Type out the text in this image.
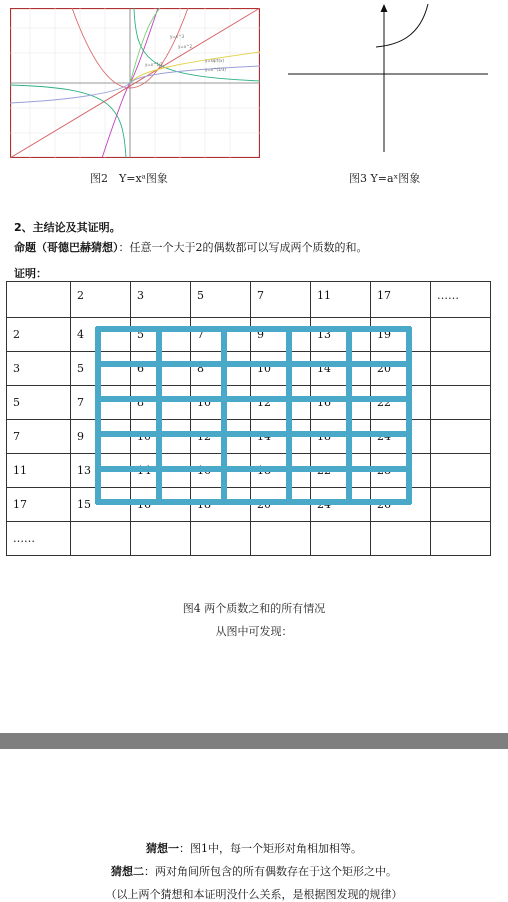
y=x^3
y=x^2
y=x^1/2
y=sqrt(x)
y=x^(1/3)
图2　Y=xᵃ图象	图3 Y=aˣ图象
2、主结论及其证明。
命题（哥德巴赫猜想）：任意一个大于2的偶数都可以写成两个质数的和。
证明：
	2	3	5	7	11	17	……
2	4	5	7	9	13	19	
3	5	6	8	10	14	20	
5	7	8	10	12	16	22	
7	9	10	12	14	18	24	
11	13	14	16	18	22	28	
17	15	16	18	20	24	26	
……							
图4 两个质数之和的所有情况
从图中可发现：
猜想一：图1中，每一个矩形对角相加相等。
猜想二：两对角间所包含的所有偶数存在于这个矩形之中。
（以上两个猜想和本证明没什么关系，是根据图发现的规律）
